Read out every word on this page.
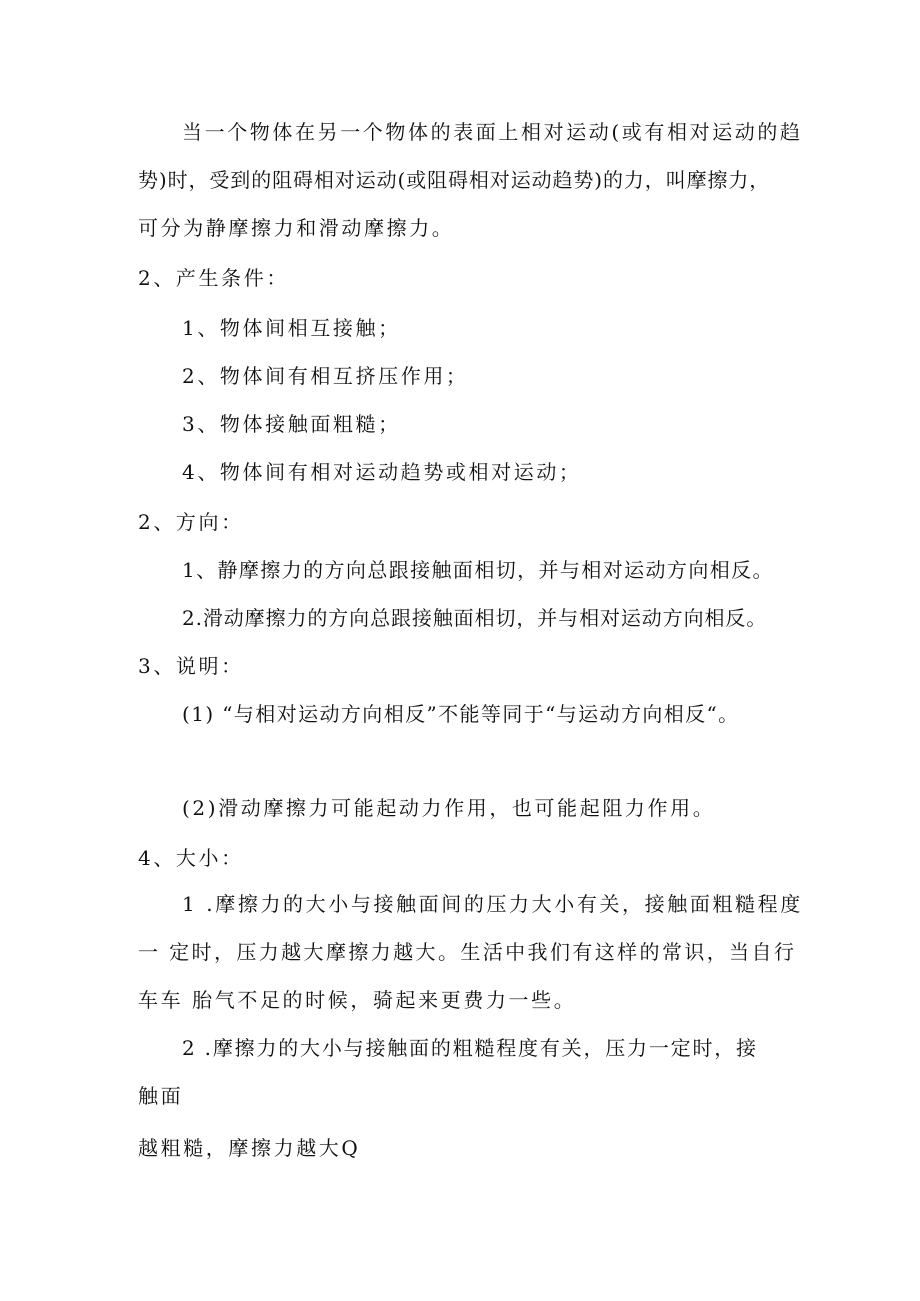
当一个物体在另一个物体的表面上相对运动(或有相对运动的趋
势)时，受到的阻碍相对运动(或阻碍相对运动趋势)的力，叫摩擦力，
可分为静摩擦力和滑动摩擦力。
2、产生条件：
1、物体间相互接触；
2、物体间有相互挤压作用；
3、物体接触面粗糙；
4、物体间有相对运动趋势或相对运动；
2、方向：
1、静摩擦力的方向总跟接触面相切，并与相对运动方向相反。
2.滑动摩擦力的方向总跟接触面相切，并与相对运动方向相反。
3、说明：
(1) “与相对运动方向相反”不能等同于“与运动方向相反“。
(2)滑动摩擦力可能起动力作用，也可能起阻力作用。
4、大小：
1 .摩擦力的大小与接触面间的压力大小有关，接触面粗糙程度
一 定时，压力越大摩擦力越大。生活中我们有这样的常识，当自行
车车 胎气不足的时候，骑起来更费力一些。
2 .摩擦力的大小与接触面的粗糙程度有关，压力一定时，接
触面
越粗糙，摩擦力越大Q
